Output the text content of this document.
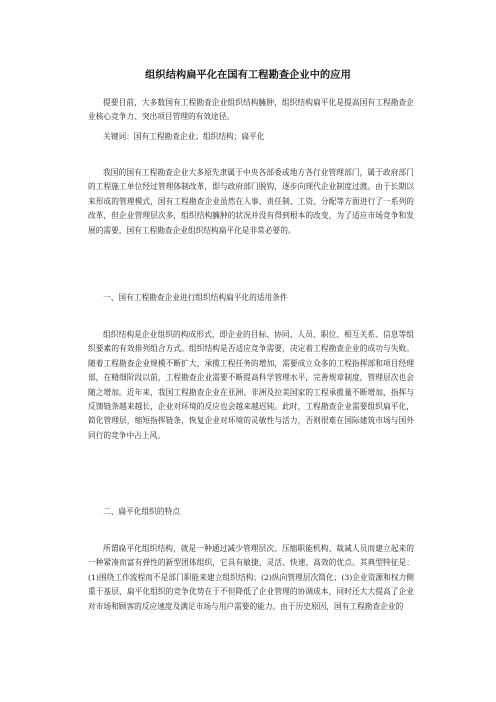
组织结构扁平化在国有工程勘查企业中的应用

提要目前，大多数国有工程勘查企业组织结构臃肿，组织结构扁平化是提高国有工程勘查企业核心竞争力、突出项目管理的有效途径。

关键词：国有工程勘查企业；组织结构；扁平化

我国的国有工程勘查企业大多原先隶属于中央各部委或地方各行业管理部门，属于政府部门的工程施工单位经过管理体制改革，即与政府部门脱钩，逐步向现代企业制度过渡。由于长期以来形成的管理模式，国有工程勘查企业虽然在人事、责任制、工资、分配等方面进行了一系列的改革，但企业管理层次多，组织结构臃肿的状况并没有得到根本的改变，为了适应市场竞争和发展的需要，国有工程勘查企业组织结构扁平化是非常必要的。

一、国有工程勘查企业进行组织结构扁平化的适用条件

组织结构是企业组织的构成形式，即企业的目标、协同、人员、职位、相互关系、信息等组织要素的有效排列组合方式。组织结构是否适应竞争需要，决定着工程勘查企业的成功与失败。随着工程勘查企业规模不断扩大，承揽工程任务的增加，需要成立众多的工程指挥部和项目经理部，在精细阶段以前，工程勘查企业需要不断提高科学管理水平，完善规章制度，管理层次也会随之增加。近年来，我国工程勘查企业在亚洲、非洲及拉美国家的工程承揽量不断增加，指挥与反馈链条越来越长，企业对环境的反应也会越来越迟钝。此时，工程勘查企业需要组织扁平化，简化管理层，缩短指挥链条，恢复企业对环境的灵敏性与活力，否则很难在国际建筑市场与国外同行的竞争中占上风。

二、扁平化组织的特点

所谓扁平化组织结构，就是一种通过减少管理层次、压缩职能机构、裁减人员而建立起来的一种紧凑而富有弹性的新型团体组织，它具有敏捷、灵活、快速、高效的优点。其典型特征是：(1)围绕工作流程而不是部门职能来建立组织结构；(2)纵向管理层次简化；(3)企业资源和权力侧重于基层，扁平化组织的竞争优势在于不但降低了企业管理的协调成本，同时还大大提高了企业对市场和顾客的反应速度及满足市场与用户需要的能力。由于历史原因，国有工程勘查企业的
